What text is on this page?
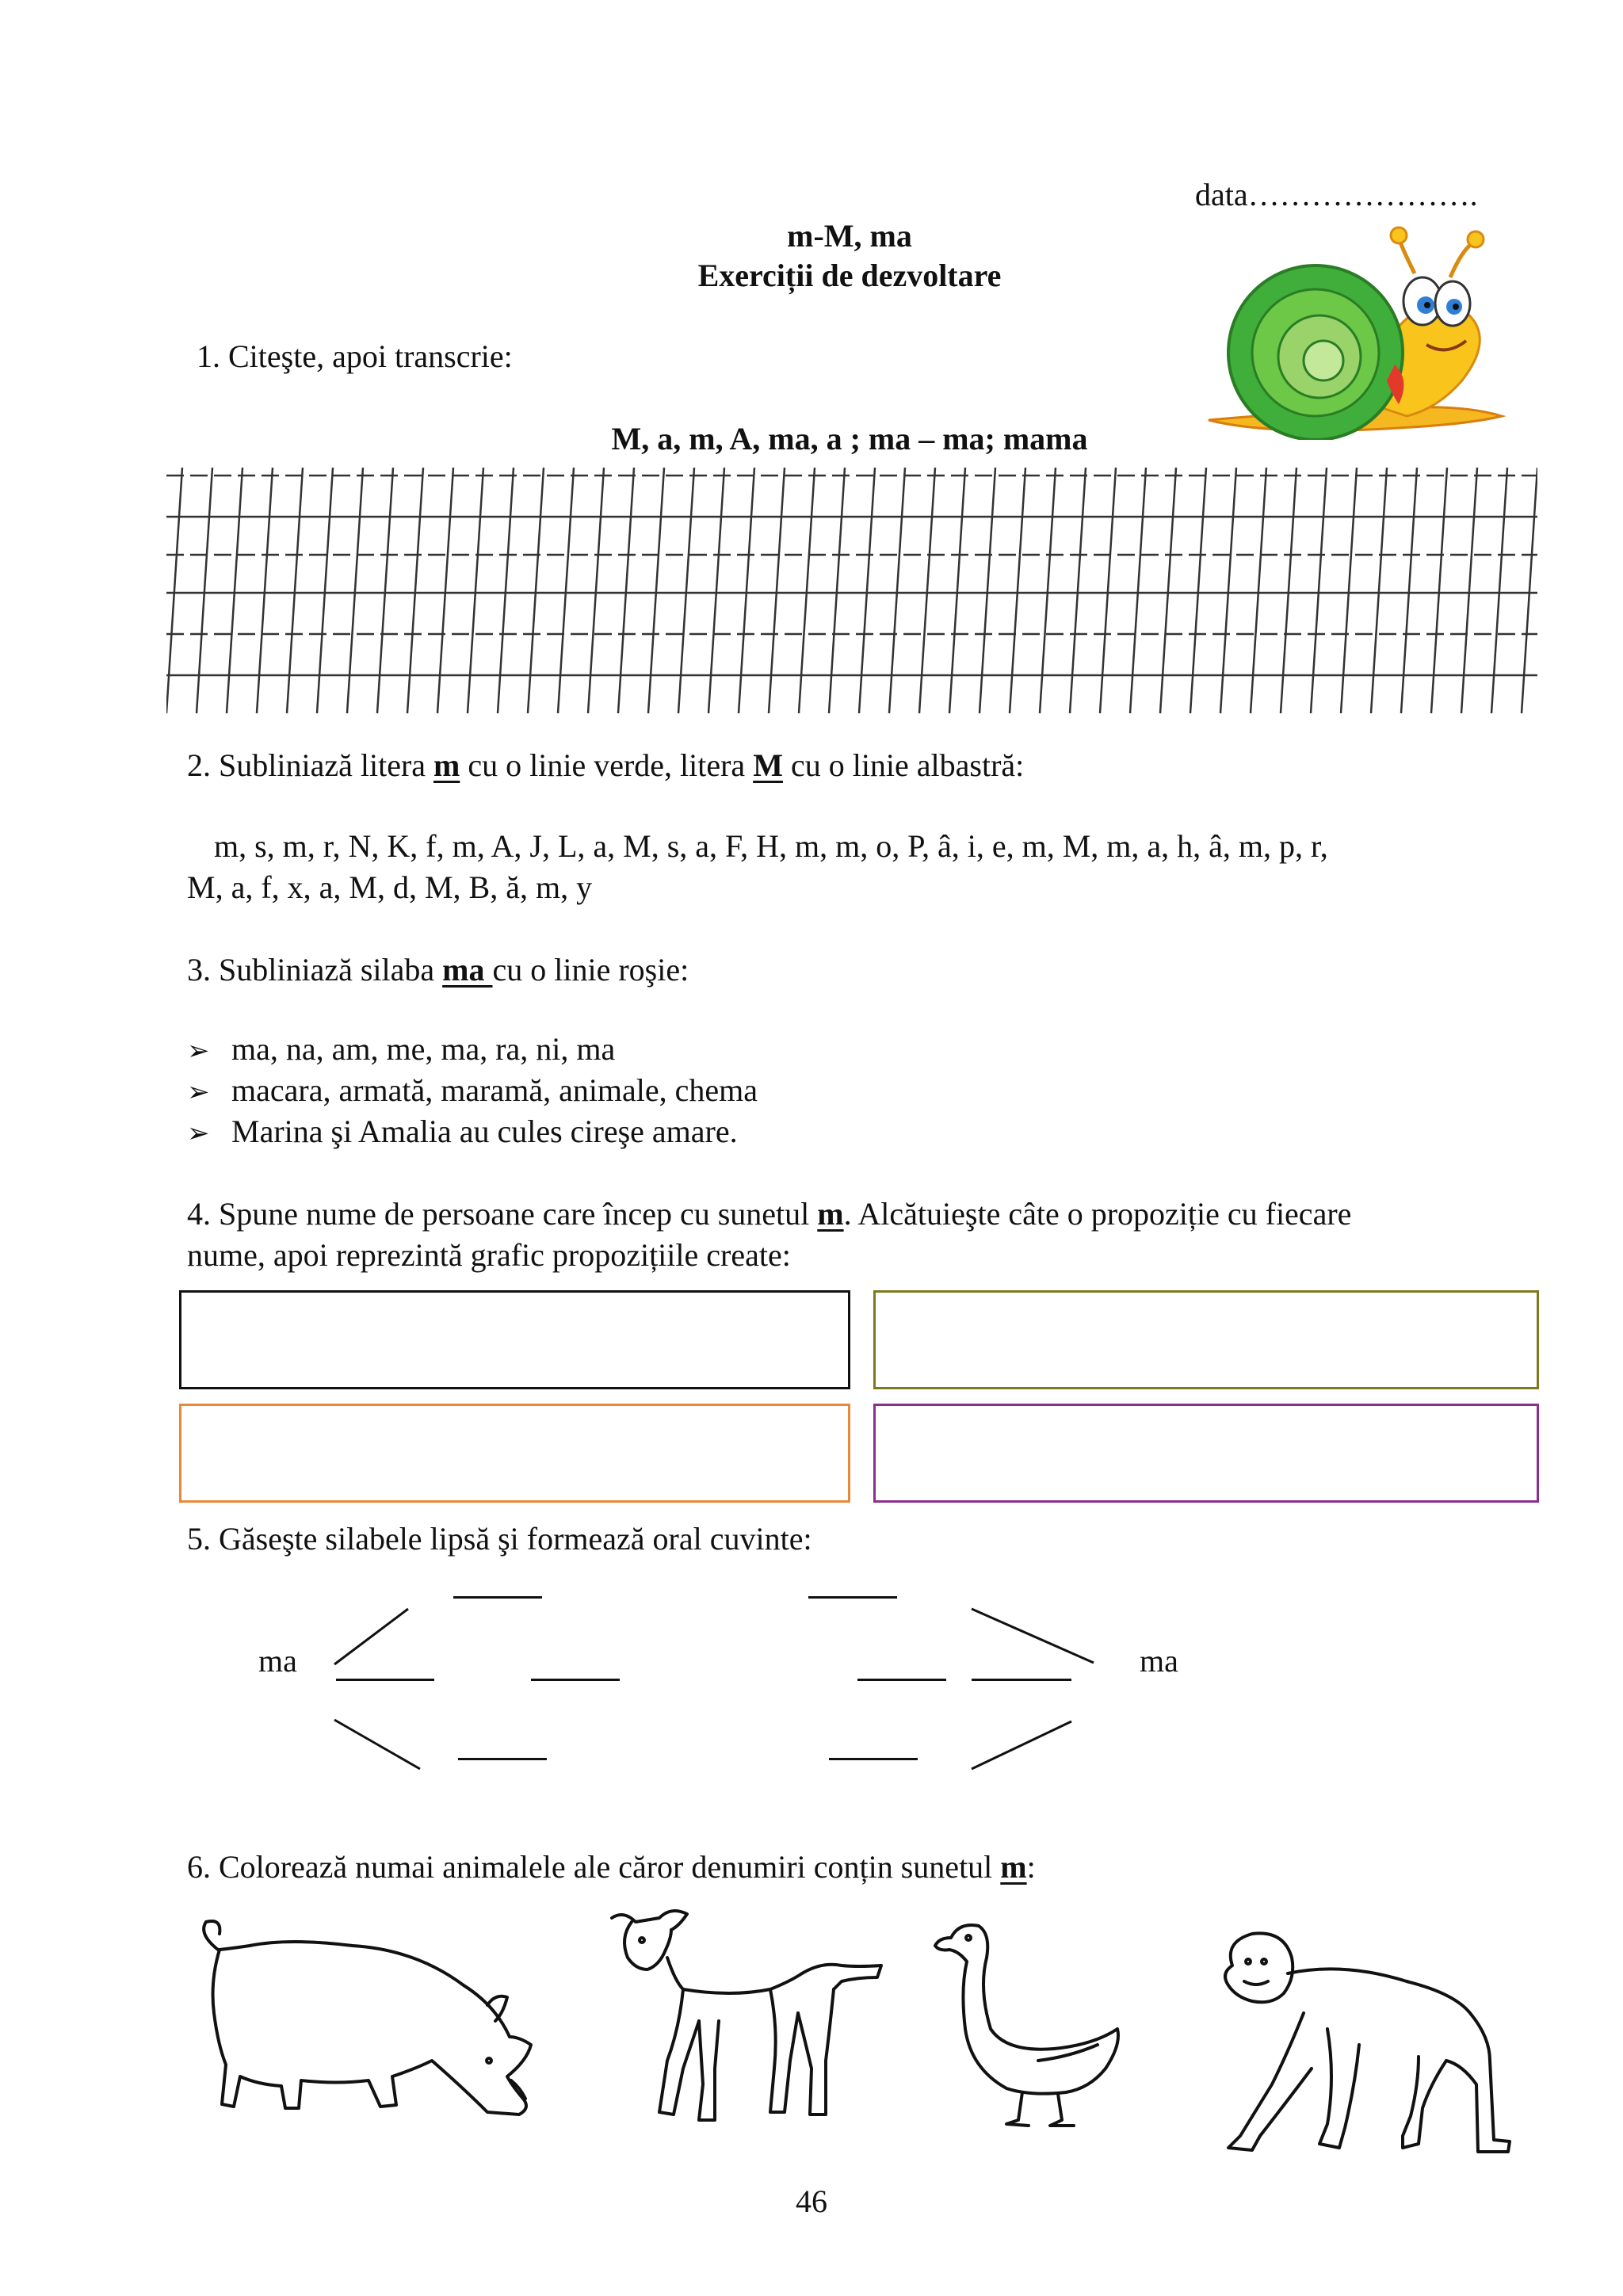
data………………….
m-M, ma
Exerciții de dezvoltare
1. Citeşte, apoi transcrie:
M, a, m, A, ma, a ; ma – ma; mama
2. Subliniază litera m cu o linie verde, litera M cu o linie albastră:
m, s, m, r, N, K, f, m, A, J, L, a, M, s, a, F, H, m, m, o, P, â, i, e, m, M, m, a, h, â, m, p, r,
M, a, f, x, a, M, d, M, B, ă, m, y
3. Subliniază silaba ma cu o linie roşie:
➢ ma, na, am, me, ma, ra, ni, ma
➢ macara, armată, maramă, animale, chema
➢ Marina şi Amalia au cules cireşe amare.
4. Spune nume de persoane care încep cu sunetul m. Alcătuieşte câte o propoziție cu fiecare
nume, apoi reprezintă grafic propozițiile create:
5. Găseşte silabele lipsă şi formează oral cuvinte:
ma	ma
6. Colorează numai animalele ale căror denumiri conțin sunetul m:
46
